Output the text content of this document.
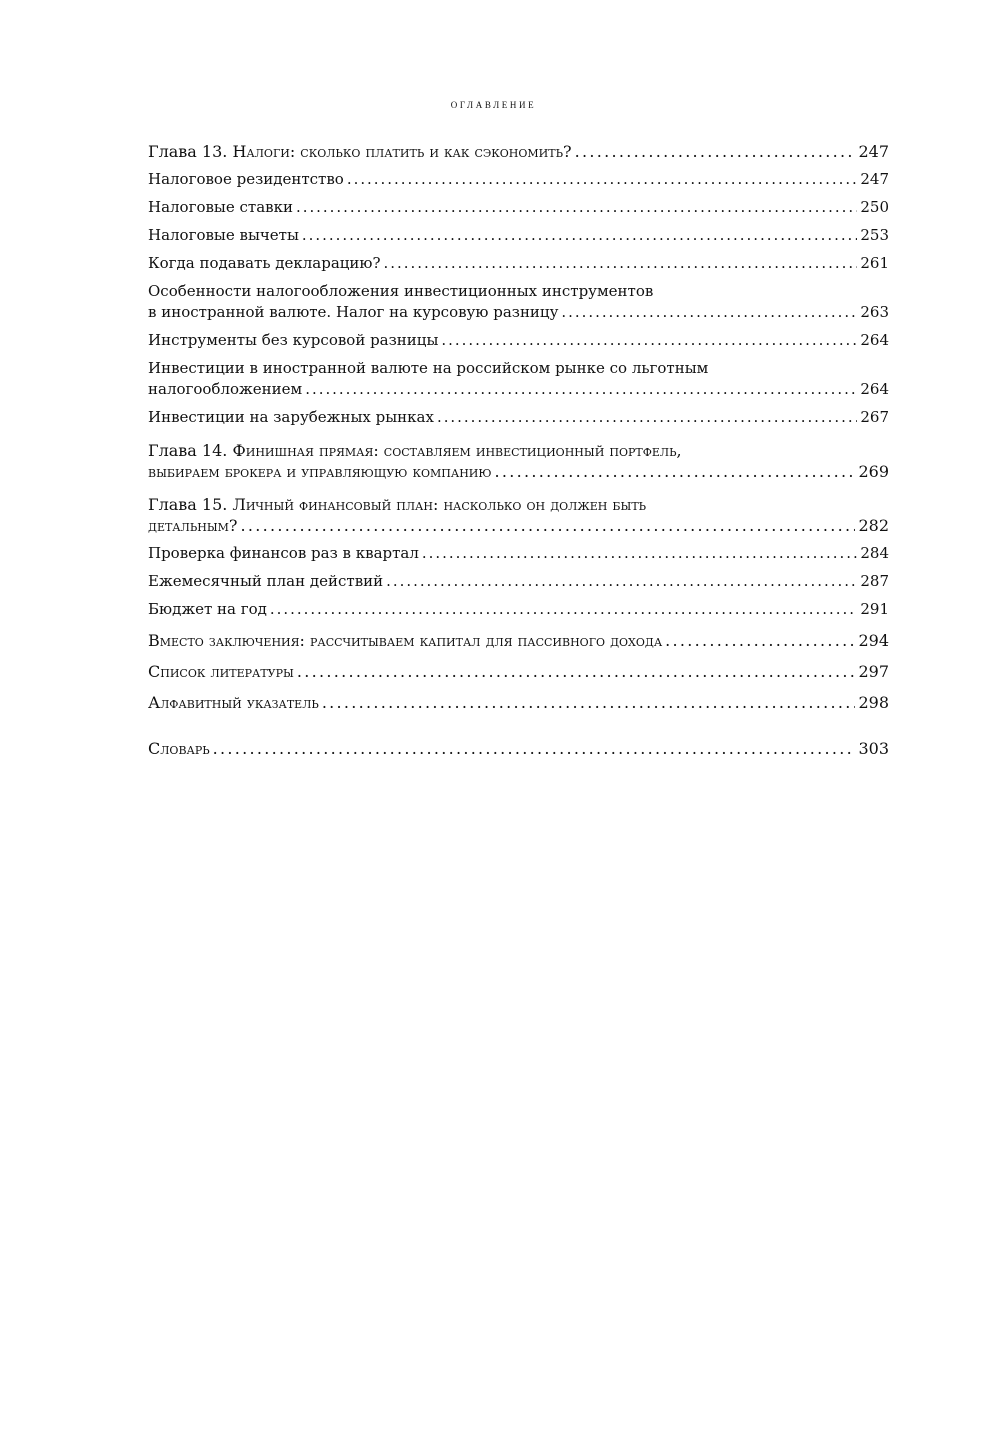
оглавление
Глава 13. Налоги: сколько платить и как сэкономить? . . .	247
Налоговое резидентство . . .	247
Налоговые ставки . . .	250
Налоговые вычеты . . .	253
Когда подавать декларацию? . . .	261
Особенности налогообложения инвестиционных инструментов
в иностранной валюте. Налог на курсовую разницу . . .	263
Инструменты без курсовой разницы . . .	264
Инвестиции в иностранной валюте на российском рынке со льготным
налогообложением . . .	264
Инвестиции на зарубежных рынках . . .	267
Глава 14. Финишная прямая: составляем инвестиционный портфель,
выбираем брокера и управляющую компанию . . .	269
Глава 15. Личный финансовый план: насколько он должен быть
детальным? . . .	282
Проверка финансов раз в квартал . . .	284
Ежемесячный план действий . . .	287
Бюджет на год . . .	291
Вместо заключения: рассчитываем капитал для пассивного дохода . . .	294
Список литературы . . .	297
Алфавитный указатель . . .	298
Словарь . . .	303
